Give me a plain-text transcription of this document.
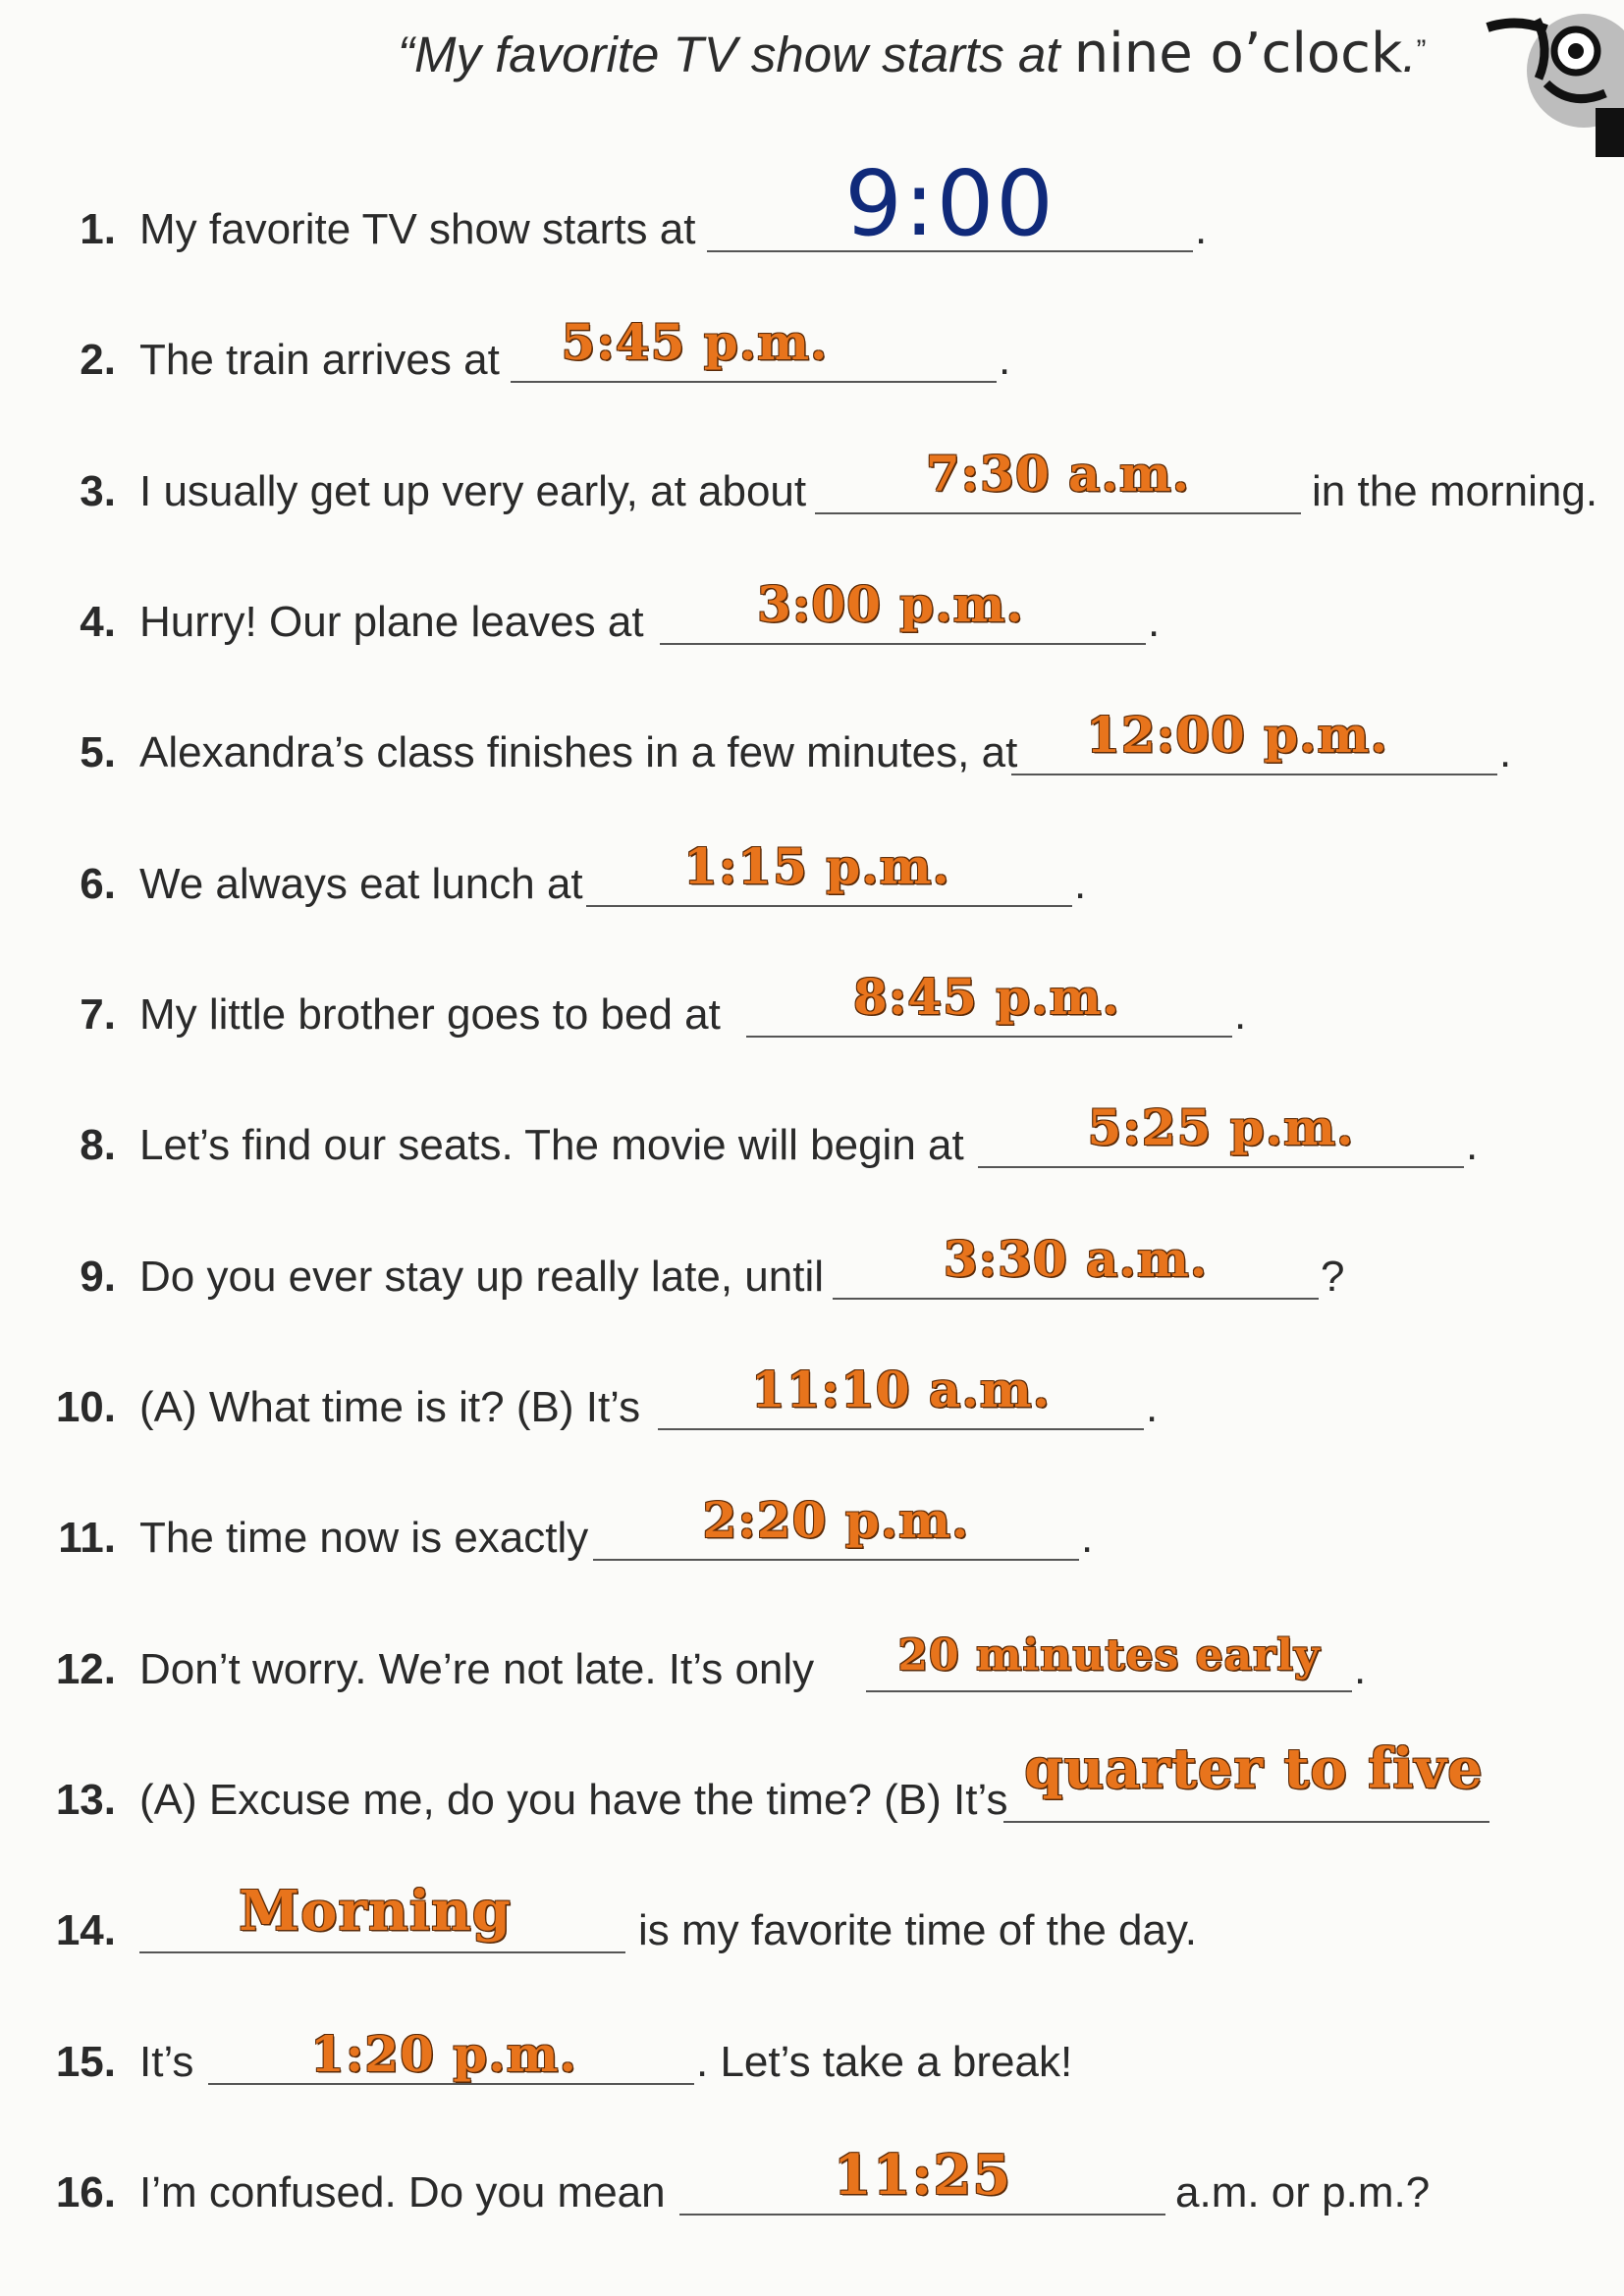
“My favorite TV show starts at nine o’clock.”
1. My favorite TV show starts at	9:00	.
2. The train arrives at	5:45 p.m.	.
3. I usually get up very early, at about	7:30 a.m.	in the morning.
4. Hurry! Our plane leaves at	3:00 p.m.	.
5. Alexandra’s class finishes in a few minutes, at	12:00 p.m.	.
6. We always eat lunch at	1:15 p.m.	.
7. My little brother goes to bed at	8:45 p.m.	.
8. Let’s find our seats. The movie will begin at	5:25 p.m.	.
9. Do you ever stay up really late, until	3:30 a.m.	?
10. (A) What time is it? (B) It’s	11:10 a.m.	.
11. The time now is exactly	2:20 p.m.	.
12. Don’t worry. We’re not late. It’s only	20 minutes early .
13. (A) Excuse me, do you have the time? (B) It’s quarter to five
14.	Morning	is my favorite time of the day.
15. It’s	1:20 p.m.	. Let’s take a break!
16. I’m confused. Do you mean	11:25	a.m. or p.m.?
